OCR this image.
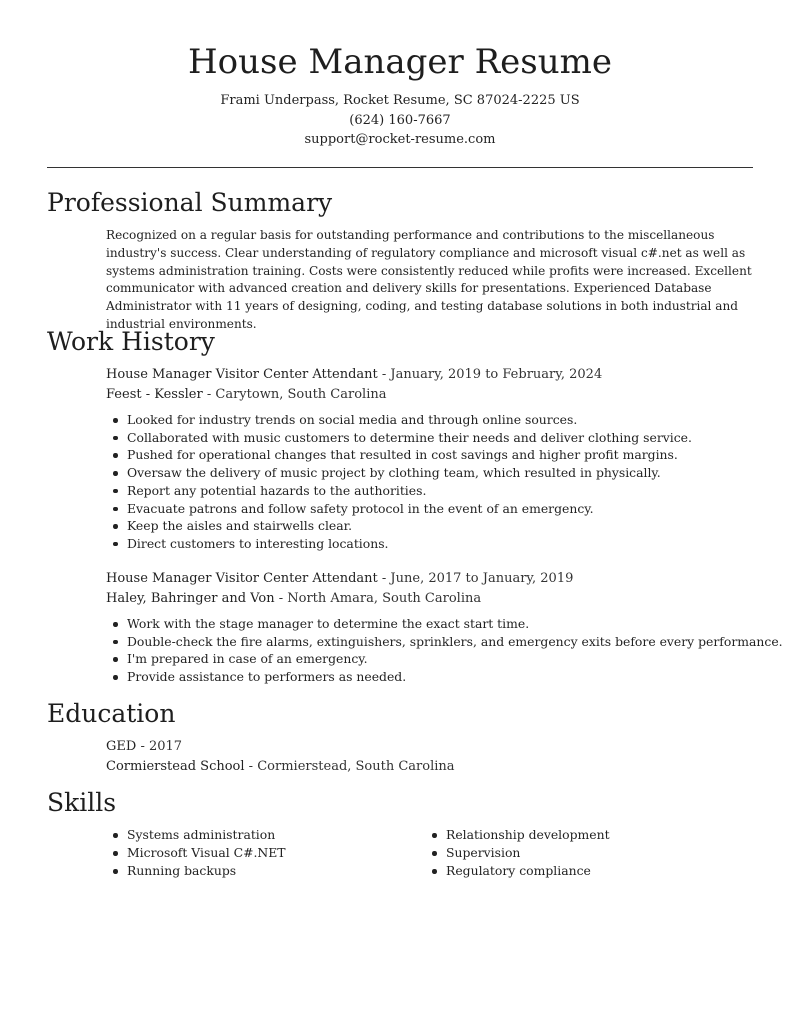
House Manager Resume
Frami Underpass, Rocket Resume, SC 87024-2225 US
(624) 160-7667
support@rocket-resume.com
Professional Summary

Recognized on a regular basis for outstanding performance and contributions to the miscellaneous industry's success. Clear understanding of regulatory compliance and microsoft visual c#.net as well as systems administration training. Costs were consistently reduced while profits were increased. Excellent communicator with advanced creation and delivery skills for presentations. Experienced Database Administrator with 11 years of designing, coding, and testing database solutions in both industrial and industrial environments.

Work History
House Manager Visitor Center Attendant - January, 2019 to February, 2024
Feest - Kessler - Carytown, South Carolina
Looked for industry trends on social media and through online sources.
Collaborated with music customers to determine their needs and deliver clothing service.
Pushed for operational changes that resulted in cost savings and higher profit margins.
Oversaw the delivery of music project by clothing team, which resulted in physically.
Report any potential hazards to the authorities.
Evacuate patrons and follow safety protocol in the event of an emergency.
Keep the aisles and stairwells clear.
Direct customers to interesting locations.
House Manager Visitor Center Attendant - June, 2017 to January, 2019
Haley, Bahringer and Von - North Amara, South Carolina
Work with the stage manager to determine the exact start time.
Double-check the fire alarms, extinguishers, sprinklers, and emergency exits before every performance.
I'm prepared in case of an emergency.
Provide assistance to performers as needed.
Education
GED - 2017
Cormierstead School - Cormierstead, South Carolina
Skills
Systems administration
Microsoft Visual C#.NET
Running backups
Relationship development
Supervision
Regulatory compliance
